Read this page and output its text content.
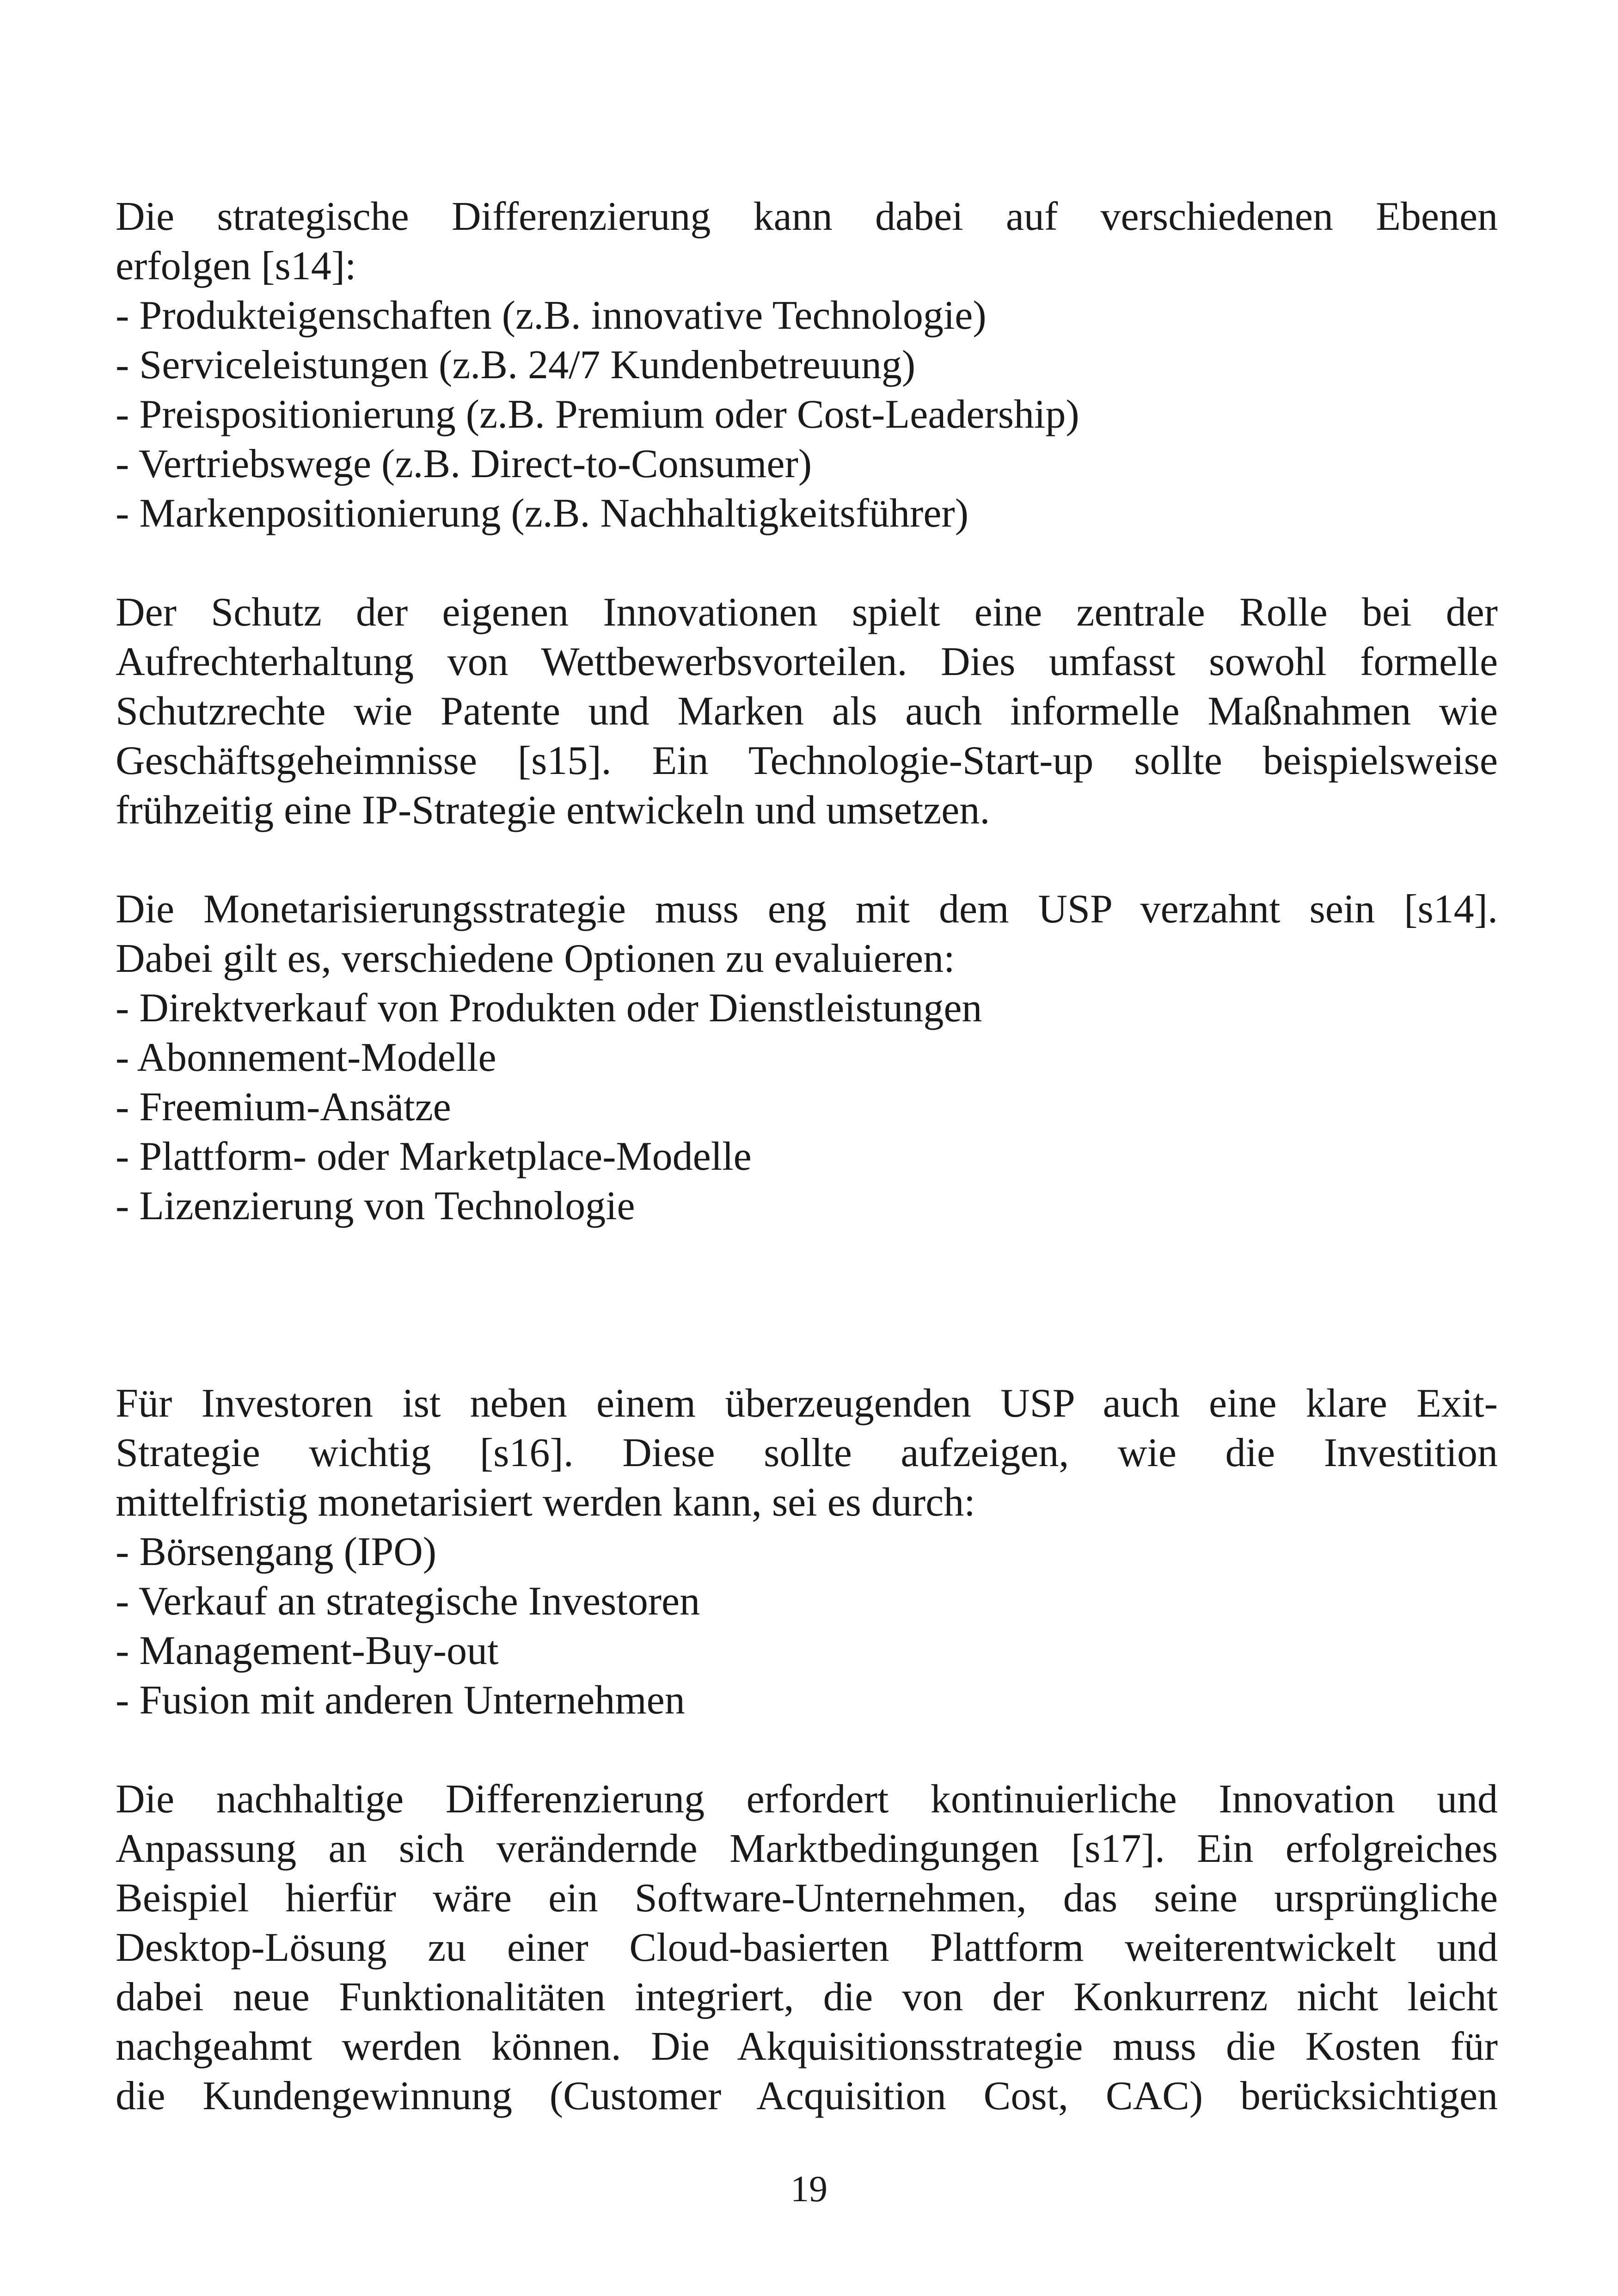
Die strategische Differenzierung kann dabei auf verschiedenen Ebenen
erfolgen [s14]:
- Produkteigenschaften (z.B. innovative Technologie)
- Serviceleistungen (z.B. 24/7 Kundenbetreuung)
- Preispositionierung (z.B. Premium oder Cost-Leadership)
- Vertriebswege (z.B. Direct-to-Consumer)
- Markenpositionierung (z.B. Nachhaltigkeitsführer)
Der Schutz der eigenen Innovationen spielt eine zentrale Rolle bei der
Aufrechterhaltung von Wettbewerbsvorteilen. Dies umfasst sowohl formelle
Schutzrechte wie Patente und Marken als auch informelle Maßnahmen wie
Geschäftsgeheimnisse [s15]. Ein Technologie-Start-up sollte beispielsweise
frühzeitig eine IP-Strategie entwickeln und umsetzen.
Die Monetarisierungsstrategie muss eng mit dem USP verzahnt sein [s14].
Dabei gilt es, verschiedene Optionen zu evaluieren:
- Direktverkauf von Produkten oder Dienstleistungen
- Abonnement-Modelle
- Freemium-Ansätze
- Plattform- oder Marketplace-Modelle
- Lizenzierung von Technologie
Für Investoren ist neben einem überzeugenden USP auch eine klare Exit-
Strategie wichtig [s16]. Diese sollte aufzeigen, wie die Investition
mittelfristig monetarisiert werden kann, sei es durch:
- Börsengang (IPO)
- Verkauf an strategische Investoren
- Management-Buy-out
- Fusion mit anderen Unternehmen
Die nachhaltige Differenzierung erfordert kontinuierliche Innovation und
Anpassung an sich verändernde Marktbedingungen [s17]. Ein erfolgreiches
Beispiel hierfür wäre ein Software-Unternehmen, das seine ursprüngliche
Desktop-Lösung zu einer Cloud-basierten Plattform weiterentwickelt und
dabei neue Funktionalitäten integriert, die von der Konkurrenz nicht leicht
nachgeahmt werden können. Die Akquisitionsstrategie muss die Kosten für
die Kundengewinnung (Customer Acquisition Cost, CAC) berücksichtigen
19
